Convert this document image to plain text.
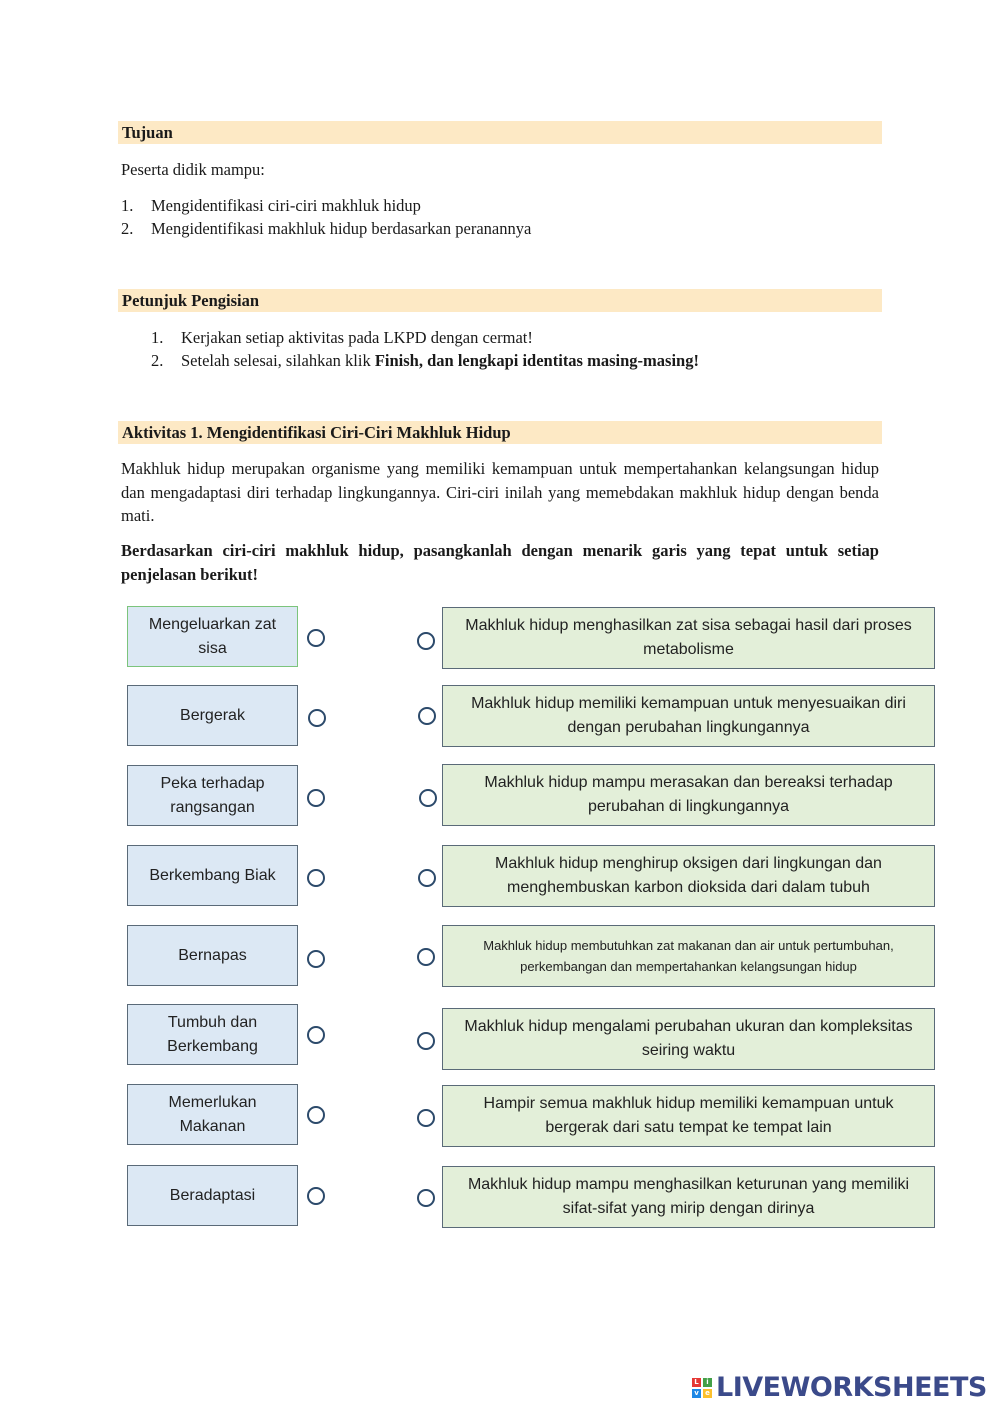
Tujuan
Peserta didik mampu:
1.	Mengidentifikasi ciri-ciri makhluk hidup
2.	Mengidentifikasi makhluk hidup berdasarkan peranannya
Petunjuk Pengisian
1.	Kerjakan setiap aktivitas pada LKPD dengan cermat!
2.	Setelah selesai, silahkan klik Finish, dan lengkapi identitas masing-masing!
Aktivitas 1. Mengidentifikasi Ciri-Ciri Makhluk Hidup

Makhluk hidup merupakan organisme yang memiliki kemampuan untuk mempertahankan kelangsungan hidup dan mengadaptasi diri terhadap lingkungannya. Ciri-ciri inilah yang memebdakan makhluk hidup dengan benda mati.

Berdasarkan ciri-ciri makhluk hidup, pasangkanlah dengan menarik garis yang tepat untuk setiap penjelasan berikut!

Mengeluarkan zat sisa
Bergerak
Peka terhadap rangsangan
Berkembang Biak
Bernapas
Tumbuh dan Berkembang
Memerlukan Makanan
Beradaptasi
Makhluk hidup menghasilkan zat sisa sebagai hasil dari proses metabolisme
Makhluk hidup memiliki kemampuan untuk menyesuaikan diri dengan perubahan lingkungannya
Makhluk hidup mampu merasakan dan bereaksi terhadap perubahan di lingkungannya
Makhluk hidup menghirup oksigen dari lingkungan dan menghembuskan karbon dioksida dari dalam tubuh
Makhluk hidup membutuhkan zat makanan dan air untuk pertumbuhan, perkembangan dan mempertahankan kelangsungan hidup
Makhluk hidup mengalami perubahan ukuran dan kompleksitas seiring waktu
Hampir semua makhluk hidup memiliki kemampuan untuk bergerak dari satu tempat ke tempat lain
Makhluk hidup mampu menghasilkan keturunan yang memiliki sifat-sifat yang mirip dengan dirinya
L	i
v e LIVEWORKSHEETS
